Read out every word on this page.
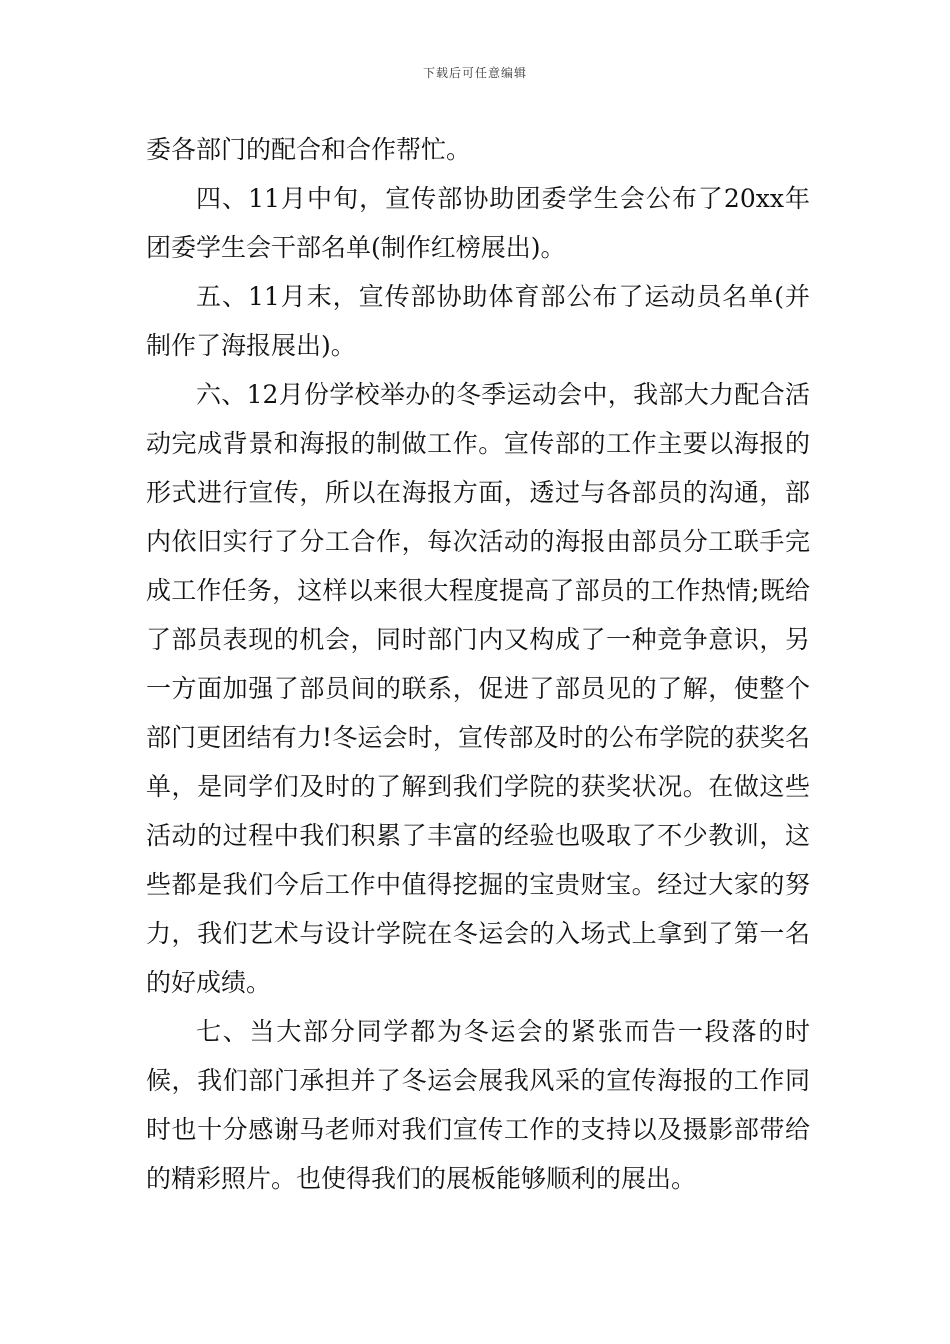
下载后可任意编辑

委各部门的配合和合作帮忙。

四、11月中旬，宣传部协助团委学生会公布了20xx年团委学生会干部名单(制作红榜展出)。

五、11月末，宣传部协助体育部公布了运动员名单(并制作了海报展出)。

六、12月份学校举办的冬季运动会中，我部大力配合活动完成背景和海报的制做工作。宣传部的工作主要以海报的形式进行宣传，所以在海报方面，透过与各部员的沟通，部内依旧实行了分工合作，每次活动的海报由部员分工联手完成工作任务，这样以来很大程度提高了部员的工作热情;既给了部员表现的机会，同时部门内又构成了一种竞争意识，另一方面加强了部员间的联系，促进了部员见的了解，使整个部门更团结有力!冬运会时，宣传部及时的公布学院的获奖名单，是同学们及时的了解到我们学院的获奖状况。在做这些活动的过程中我们积累了丰富的经验也吸取了不少教训，这些都是我们今后工作中值得挖掘的宝贵财宝。经过大家的努力，我们艺术与设计学院在冬运会的入场式上拿到了第一名的好成绩。

七、当大部分同学都为冬运会的紧张而告一段落的时候，我们部门承担并了冬运会展我风采的宣传海报的工作同时也十分感谢马老师对我们宣传工作的支持以及摄影部带给的精彩照片。也使得我们的展板能够顺利的展出。
